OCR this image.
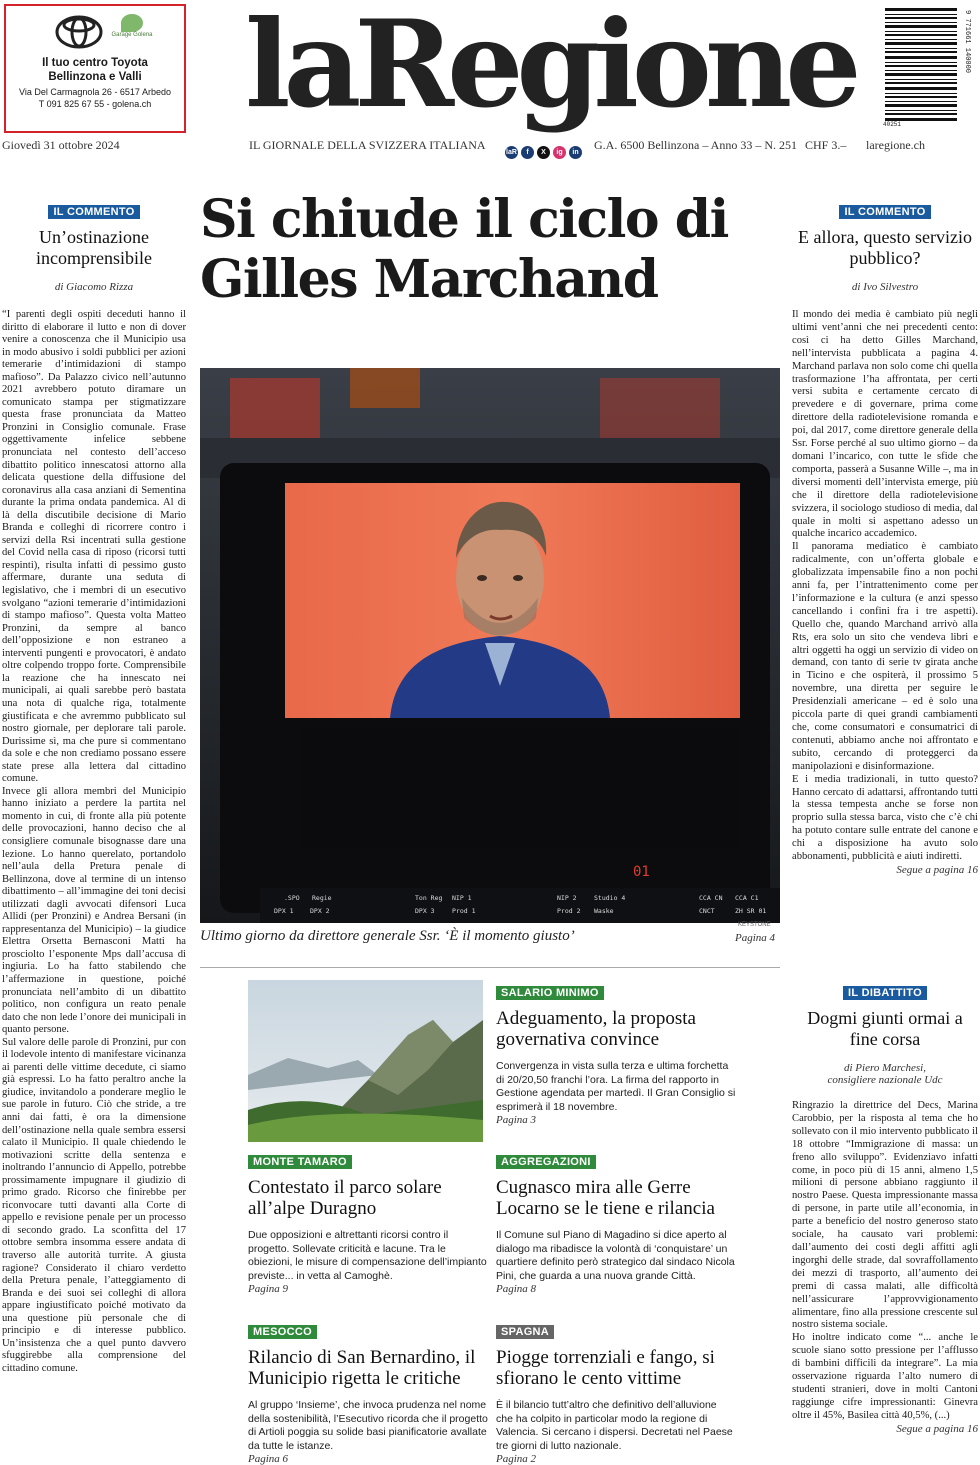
Garage Golena
Il tuo centro Toyota
Bellinzona e Valli
Via Del Carmagnola 26 - 6517 Arbedo
T 091 825 67 55 - golena.ch laRegione	9 771661 140000
40251
Giovedì 31 ottobre 2024	IL GIORNALE DELLA SVIZZERA ITALIANA
laR	f	X	ig	in
G.A. 6500 Bellinzona – Anno 33 – N. 251 CHF 3.– laregione.ch
IL COMMENTO
Un’ostinazione incomprensibile
di Giacomo Rizza

“I parenti degli ospiti deceduti hanno il diritto di elaborare il lutto e non di dover venire a conoscenza che il Municipio usa in modo abusivo i soldi pubblici per azioni temerarie d’intimidazioni di stampo mafioso”. Da Palazzo civico nell’autunno 2021 avrebbero potuto diramare un comunicato stampa per stigmatizzare questa frase pronunciata da Matteo Pronzini in Consiglio comunale. Frase oggettivamente infelice sebbene pronunciata nel contesto dell’acceso dibattito politico innescatosi attorno alla delicata questione della diffusione del coronavirus alla casa anziani di Sementina durante la prima ondata pandemica. Al di là della discutibile decisione di Mario Branda e colleghi di ricorrere contro i servizi della Rsi incentrati sulla gestione del Covid nella casa di riposo (ricorsi tutti respinti), risulta infatti di pessimo gusto affermare, durante una seduta di legislativo, che i membri di un esecutivo svolgano “azioni temerarie d’intimidazioni di stampo mafioso”. Questa volta Matteo Pronzini, da sempre al banco dell’opposizione e non estraneo a interventi pungenti e provocatori, è andato oltre colpendo troppo forte. Comprensibile la reazione che ha innescato nei municipali, ai quali sarebbe però bastata una nota di qualche riga, totalmente giustificata e che avremmo pubblicato sul nostro giornale, per deplorare tali parole. Durissime sì, ma che pure si commentano da sole e che non crediamo possano essere state prese alla lettera dal cittadino comune.

Invece gli allora membri del Municipio hanno iniziato a perdere la partita nel momento in cui, di fronte alla più potente delle provocazioni, hanno deciso che al consigliere comunale bisognasse dare una lezione. Lo hanno querelato, portandolo nell’aula della Pretura penale di Bellinzona, dove al termine di un intenso dibattimento – all’immagine dei toni decisi utilizzati dagli avvocati difensori Luca Allidi (per Pronzini) e Andrea Bersani (in rappresentanza del Municipio) – la giudice Elettra Orsetta Bernasconi Matti ha prosciolto l’esponente Mps dall’accusa di ingiuria. Lo ha fatto stabilendo che l’affermazione in questione, poiché pronunciata nell’ambito di un dibattito politico, non configura un reato penale dato che non lede l’onore dei municipali in quanto persone.

Sul valore delle parole di Pronzini, pur con il lodevole intento di manifestare vicinanza ai parenti delle vittime decedute, ci siamo già espressi. Lo ha fatto peraltro anche la giudice, invitandolo a ponderare meglio le sue parole in futuro. Ciò che stride, a tre anni dai fatti, è ora la dimensione dell’ostinazione nella quale sembra essersi calato il Municipio. Il quale chiedendo le motivazioni scritte della sentenza e inoltrando l’annuncio di Appello, potrebbe prossimamente impugnare il giudizio di primo grado. Ricorso che finirebbe per riconvocare tutti davanti alla Corte di appello e revisione penale per un processo di secondo grado. La sconfitta del 17 ottobre sembra insomma essere andata di traverso alle autorità turrite. A giusta ragione? Considerato il chiaro verdetto della Pretura penale, l’atteggiamento di Branda e dei suoi sei colleghi di allora appare ingiustificato poiché motivato da una questione più personale che di principio e di interesse pubblico. Un’insistenza che a quel punto davvero sfuggirebbe alla comprensione del cittadino comune.

Si chiude il ciclo di Gilles Marchand
01
.SPO Regie	Ton Reg NIP 1	NIP 2	Studio 4	CCA CN CCA C1
DPX 1	DPX 2	DPX 3	Prod 1	Prod 2 Waske	CNCT	ZH SR 01
KEYSTONE
Ultimo giorno da direttore generale Ssr. ‘È il momento giusto’	Pagina 4
IL COMMENTO
E allora, questo servizio pubblico?
di Ivo Silvestro

Il mondo dei media è cambiato più negli ultimi vent’anni che nei precedenti cento: così ci ha detto Gilles Marchand, nell’intervista pubblicata a pagina 4. Marchand parlava non solo come chi quella trasformazione l’ha affrontata, per certi versi subita e certamente cercato di prevedere e di governare, prima come direttore della radiotelevisione romanda e poi, dal 2017, come direttore generale della Ssr. Forse perché al suo ultimo giorno – da domani l’incarico, con tutte le sfide che comporta, passerà a Susanne Wille –, ma in diversi momenti dell’intervista emerge, più che il direttore della radiotelevisione svizzera, il sociologo studioso di media, dal quale in molti si aspettano adesso un qualche incarico accademico.

Il panorama mediatico è cambiato radicalmente, con un’offerta globale e globalizzata impensabile fino a non pochi anni fa, per l’intrattenimento come per l’informazione e la cultura (e anzi spesso cancellando i confini fra i tre aspetti). Quello che, quando Marchand arrivò alla Rts, era solo un sito che vendeva libri e altri oggetti ha oggi un servizio di video on demand, con tanto di serie tv girata anche in Ticino e che ospiterà, il prossimo 5 novembre, una diretta per seguire le Presidenziali americane – ed è solo una piccola parte di quei grandi cambiamenti che, come consumatori e consumatrici di contenuti, abbiamo anche noi affrontato e subito, cercando di proteggerci da manipolazioni e disinformazione.

E i media tradizionali, in tutto questo? Hanno cercato di adattarsi, affrontando tutti la stessa tempesta anche se forse non proprio sulla stessa barca, visto che c’è chi ha potuto contare sulle entrate del canone e chi a disposizione ha avuto solo abbonamenti, pubblicità e aiuti indiretti.

Segue a pagina 16
MONTE TAMARO
Contestato il parco solare all’alpe Duragno
Due opposizioni e altrettanti ricorsi contro il progetto. Sollevate criticità e lacune. Tra le obiezioni, le misure di compensazione dell’impianto previste... in vetta al Camoghè.
Pagina 9
MESOCCO
Rilancio di San Bernardino, il Municipio rigetta le critiche
Al gruppo ‘Insieme’, che invoca prudenza nel nome della sostenibilità, l’Esecutivo ricorda che il progetto di Artioli poggia su solide basi pianificatorie avallate da tutte le istanze.
Pagina 6
SALARIO MINIMO
Adeguamento, la proposta governativa convince
Convergenza in vista sulla terza e ultima forchetta di 20/20,50 franchi l’ora. La firma del rapporto in Gestione agendata per martedì. Il Gran Consiglio si esprimerà il 18 novembre.
Pagina 3
AGGREGAZIONI
Cugnasco mira alle Gerre Locarno se le tiene e rilancia
Il Comune sul Piano di Magadino si dice aperto al dialogo ma ribadisce la volontà di ‘conquistare’ un quartiere definito però strategico dal sindaco Nicola Pini, che guarda a una nuova grande Città.
Pagina 8
SPAGNA
Piogge torrenziali e fango, si sfiorano le cento vittime
È il bilancio tutt’altro che definitivo dell’alluvione che ha colpito in particolar modo la regione di Valencia. Si cercano i dispersi. Decretati nel Paese tre giorni di lutto nazionale.
Pagina 2
IL DIBATTITO
Dogmi giunti ormai a fine corsa
di Piero Marchesi,
consigliere nazionale Udc

Ringrazio la direttrice del Decs, Marina Carobbio, per la risposta al tema che ho sollevato con il mio intervento pubblicato il 18 ottobre “Immigrazione di massa: un freno allo sviluppo”. Evidenziavo infatti come, in poco più di 15 anni, almeno 1,5 milioni di persone abbiano raggiunto il nostro Paese. Questa impressionante massa di persone, in parte utile all’economia, in parte a beneficio del nostro generoso stato sociale, ha causato vari problemi: dall’aumento dei costi degli affitti agli ingorghi delle strade, dal sovraffollamento dei mezzi di trasporto, all’aumento dei premi di cassa malati, alle difficoltà nell’assicurare l’approvvigionamento alimentare, fino alla pressione crescente sul nostro sistema sociale.

Ho inoltre indicato come “... anche le scuole siano sotto pressione per l’afflusso di bambini difficili da integrare”. La mia osservazione riguarda l’alto numero di studenti stranieri, dove in molti Cantoni raggiunge cifre impressionanti: Ginevra oltre il 45%, Basilea città 40,5%, (...)

Segue a pagina 16
